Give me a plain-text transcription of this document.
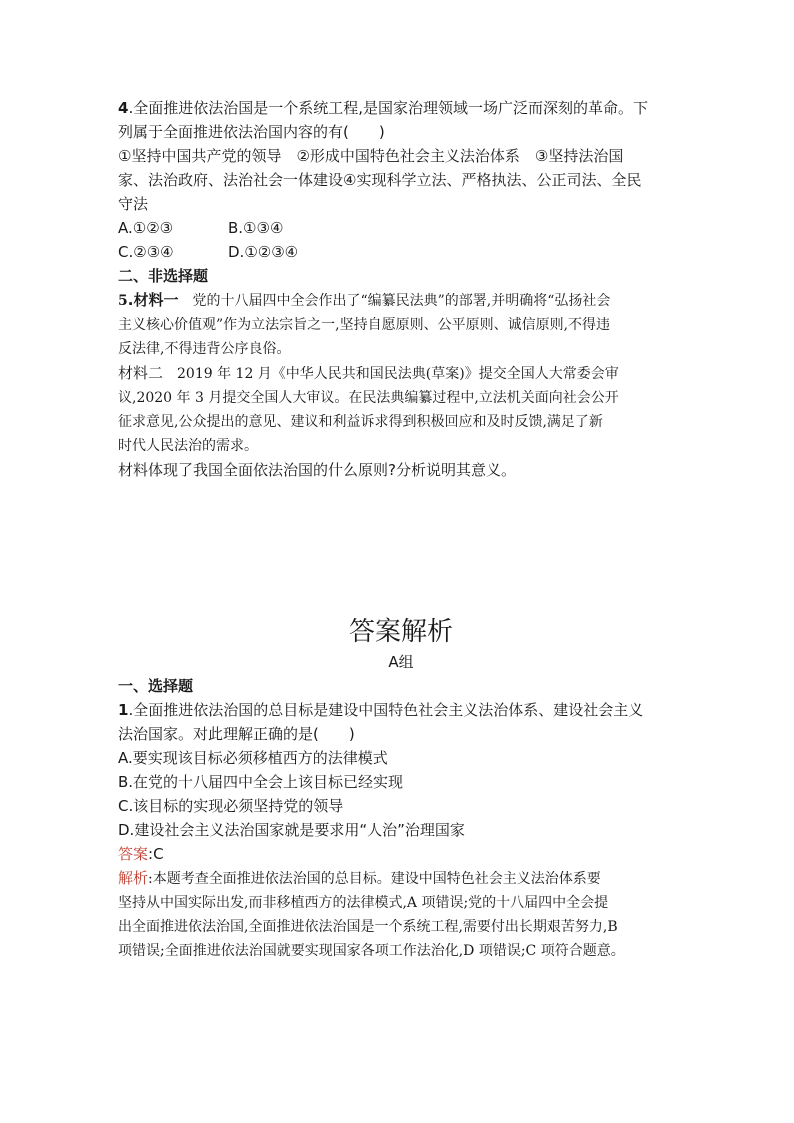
4.全面推进依法治国是一个系统工程,是国家治理领域一场广泛而深刻的革命。下
列属于全面推进依法治国内容的有(　　)
①坚持中国共产党的领导　②形成中国特色社会主义法治体系　③坚持法治国
家、法治政府、法治社会一体建设④实现科学立法、严格执法、公正司法、全民
守法
A.①②③	B.①③④
C.②③④	D.①②③④
二、非选择题
5.材料一　党的十八届四中全会作出了“编纂民法典”的部署,并明确将“弘扬社会
主义核心价值观”作为立法宗旨之一,坚持自愿原则、公平原则、诚信原则,不得违
反法律,不得违背公序良俗。
材料二　2019 年 12 月《中华人民共和国民法典(草案)》提交全国人大常委会审
议,2020 年 3 月提交全国人大审议。在民法典编纂过程中,立法机关面向社会公开
征求意见,公众提出的意见、建议和利益诉求得到积极回应和及时反馈,满足了新
时代人民法治的需求。
材料体现了我国全面依法治国的什么原则?分析说明其意义。
答案解析
A组
一、选择题
1.全面推进依法治国的总目标是建设中国特色社会主义法治体系、建设社会主义
法治国家。对此理解正确的是(　　)
A.要实现该目标必须移植西方的法律模式
B.在党的十八届四中全会上该目标已经实现
C.该目标的实现必须坚持党的领导
D.建设社会主义法治国家就是要求用“人治”治理国家
答案:C
解析:本题考查全面推进依法治国的总目标。建设中国特色社会主义法治体系要
坚持从中国实际出发,而非移植西方的法律模式,A 项错误;党的十八届四中全会提
出全面推进依法治国,全面推进依法治国是一个系统工程,需要付出长期艰苦努力,B
项错误;全面推进依法治国就要实现国家各项工作法治化,D 项错误;C 项符合题意。
